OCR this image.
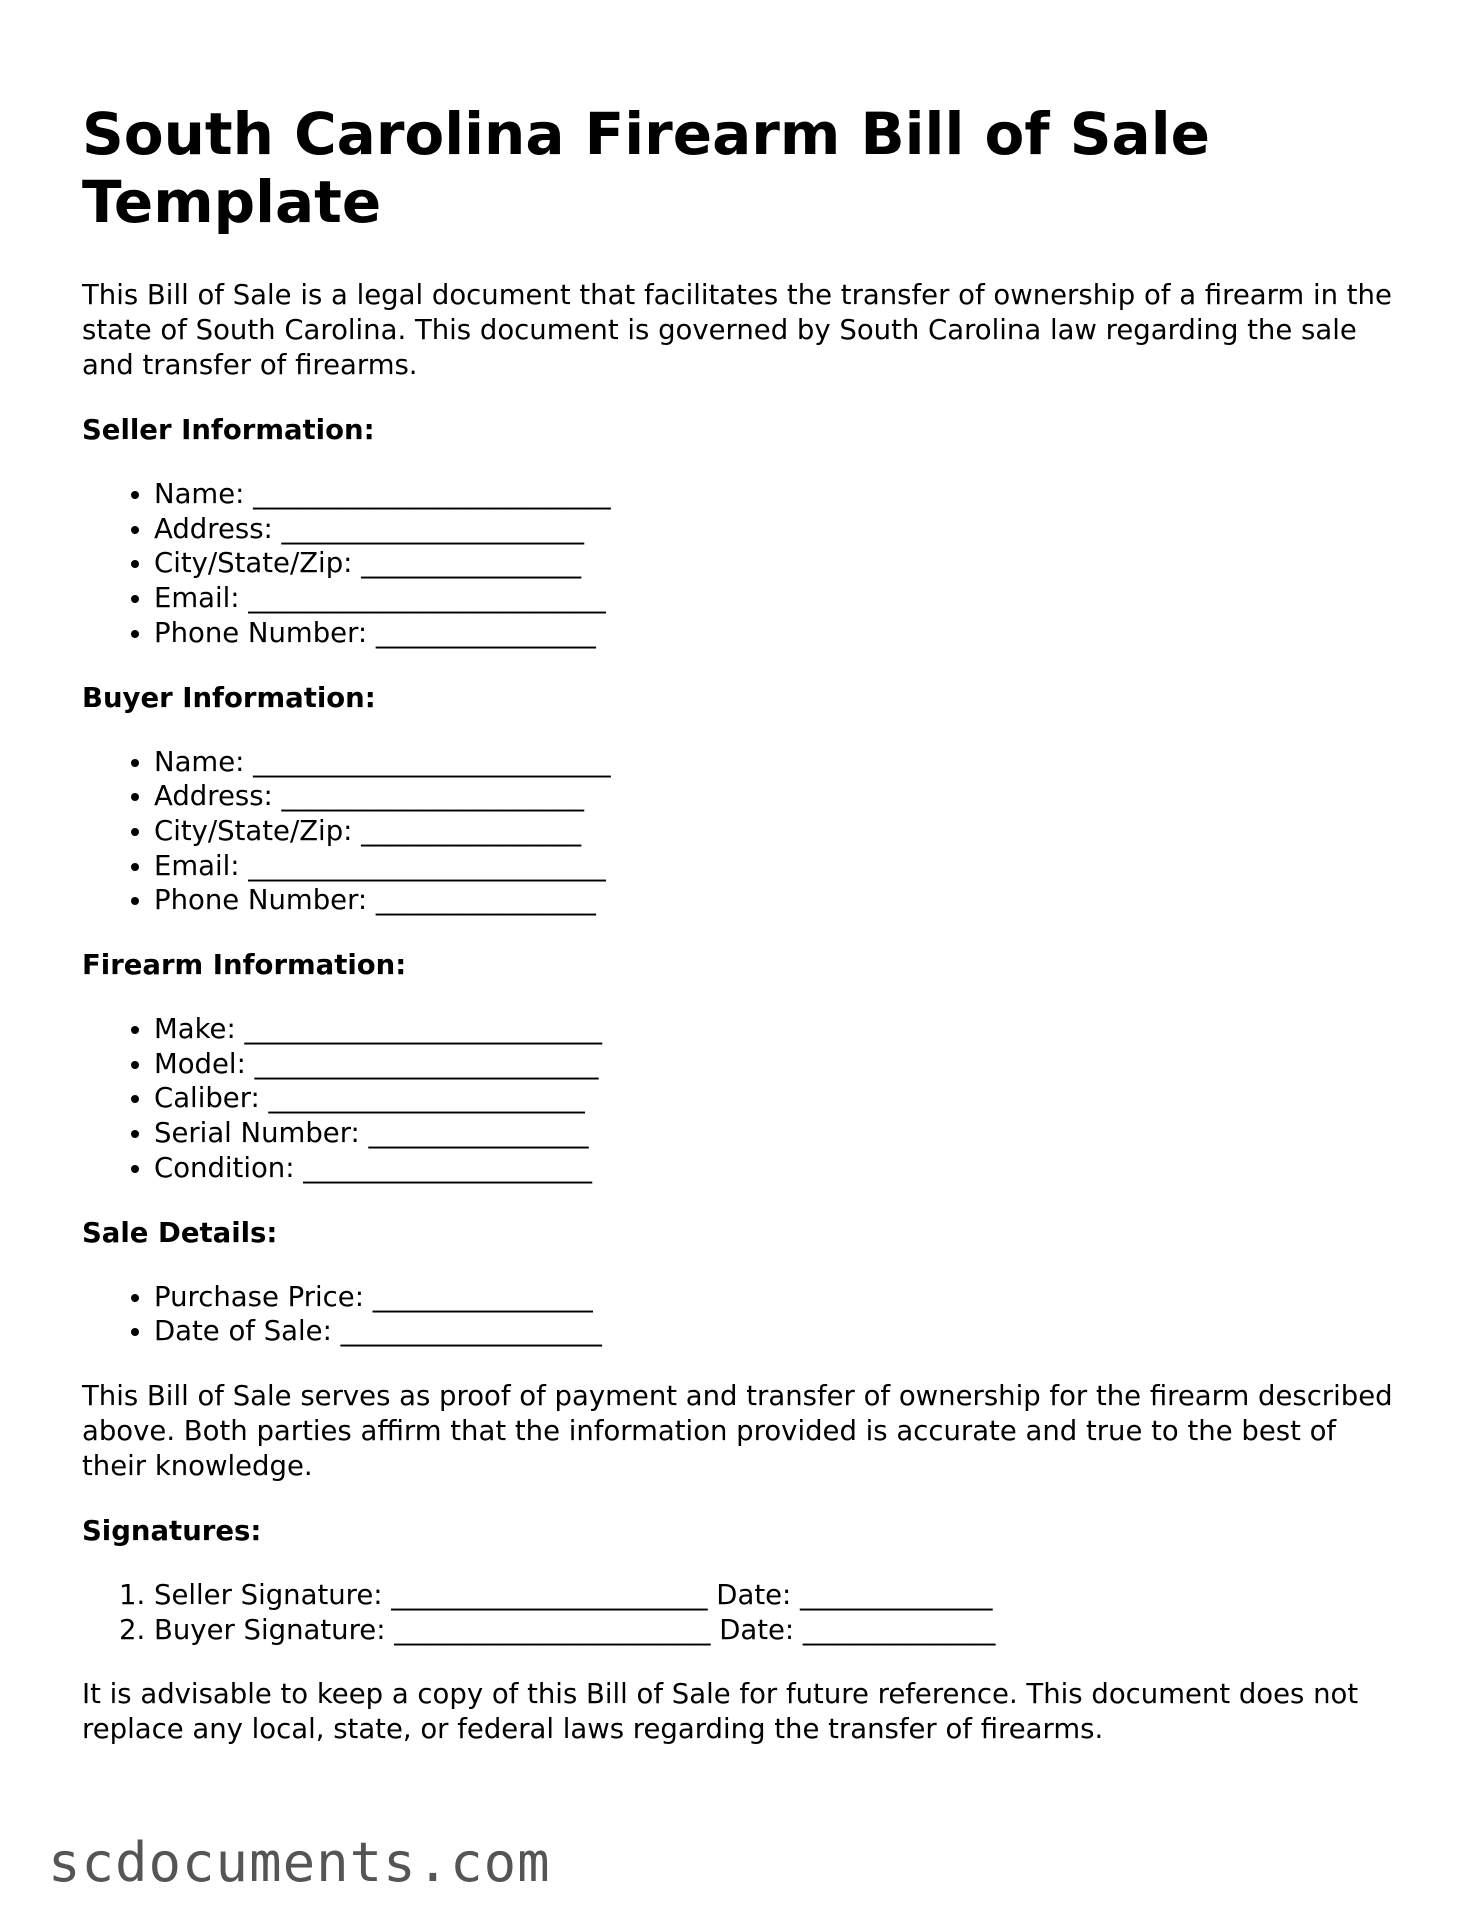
South Carolina Firearm Bill of Sale Template

This Bill of Sale is a legal document that facilitates the transfer of ownership of a firearm in the state of South Carolina. This document is governed by South Carolina law regarding the sale and transfer of firearms.

Seller Information:
• Name: __________________________
• Address: ______________________
• City/State/Zip: ________________
• Email: __________________________
• Phone Number: ________________
Buyer Information:
• Name: __________________________
• Address: ______________________
• City/State/Zip: ________________
• Email: __________________________
• Phone Number: ________________
Firearm Information:
• Make: __________________________
• Model: _________________________
• Caliber: _______________________
• Serial Number: ________________
• Condition: _____________________
Sale Details:
• Purchase Price: ________________
• Date of Sale: ___________________

This Bill of Sale serves as proof of payment and transfer of ownership for the firearm described above. Both parties affirm that the information provided is accurate and true to the best of their knowledge.

Signatures:
1. Seller Signature: _______________________ Date: ______________
2. Buyer Signature: _______________________ Date: ______________

It is advisable to keep a copy of this Bill of Sale for future reference. This document does not replace any local, state, or federal laws regarding the transfer of firearms.

scdocuments.com
